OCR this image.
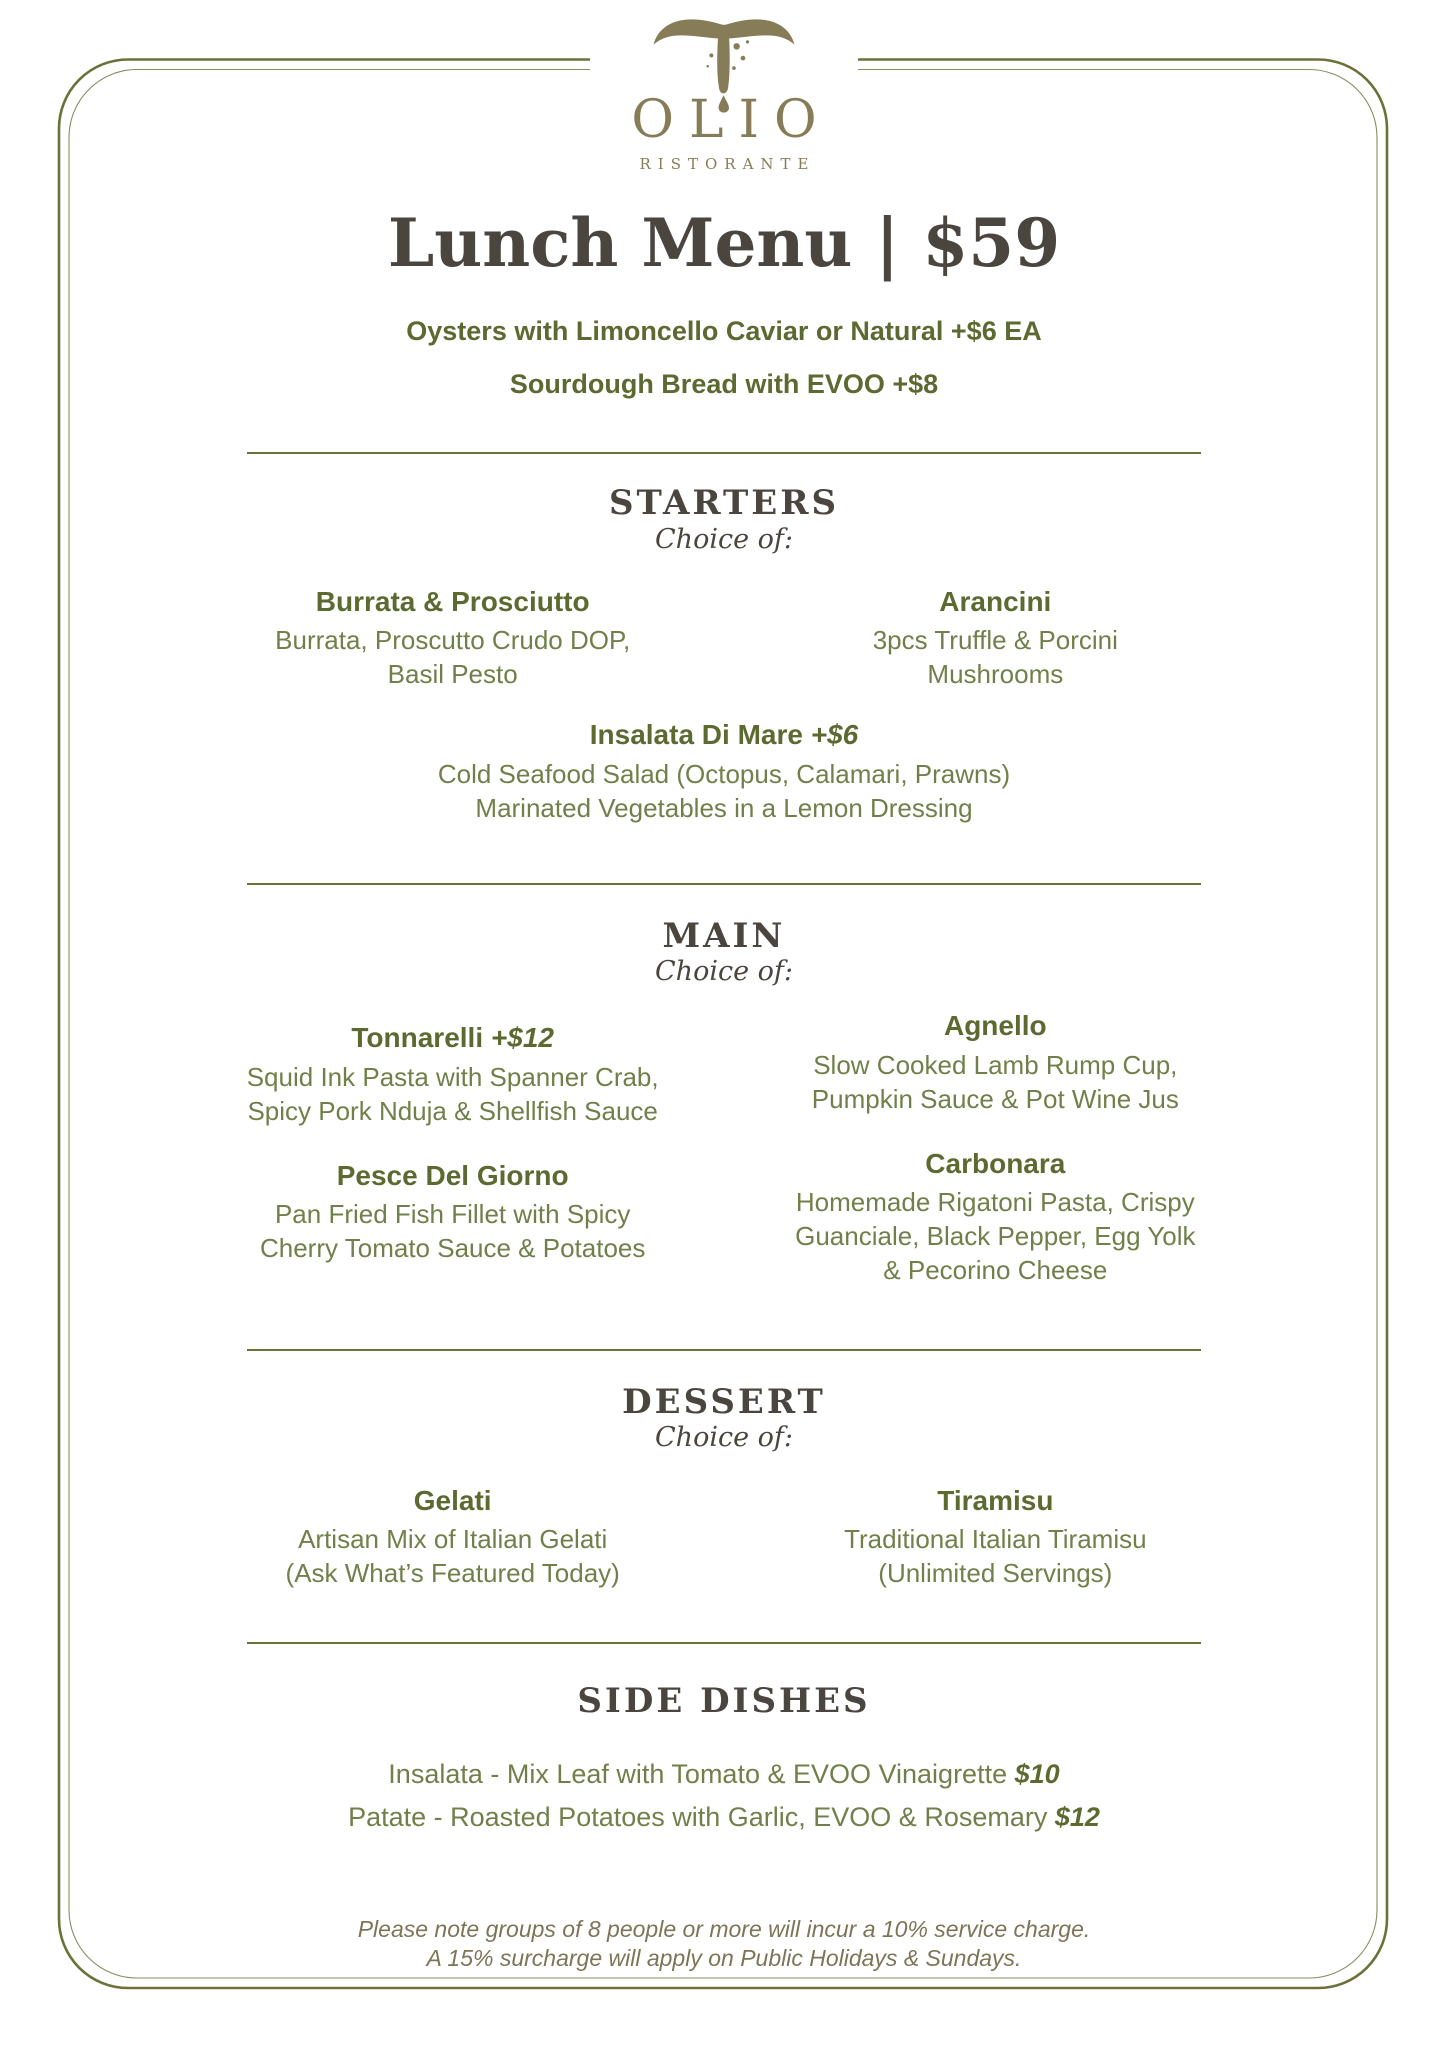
OLIO
RISTORANTE
Lunch Menu | $59
Oysters with Limoncello Caviar or Natural +$6 EA
Sourdough Bread with EVOO +$8
STARTERS
Choice of:
Burrata & Prosciutto
Burrata, Proscutto Crudo DOP,
Basil Pesto
Arancini
3pcs Truffle & Porcini
Mushrooms
Insalata Di Mare +$6
Cold Seafood Salad (Octopus, Calamari, Prawns)
Marinated Vegetables in a Lemon Dressing
MAIN
Choice of:
Tonnarelli +$12
Squid Ink Pasta with Spanner Crab,
Spicy Pork Nduja & Shellfish Sauce
Pesce Del Giorno
Pan Fried Fish Fillet with Spicy
Cherry Tomato Sauce & Potatoes
Agnello
Slow Cooked Lamb Rump Cup,
Pumpkin Sauce & Pot Wine Jus
Carbonara
Homemade Rigatoni Pasta, Crispy
Guanciale, Black Pepper, Egg Yolk
& Pecorino Cheese
DESSERT
Choice of:
Gelati
Artisan Mix of Italian Gelati
(Ask What’s Featured Today)
Tiramisu
Traditional Italian Tiramisu
(Unlimited Servings)
SIDE DISHES
Insalata - Mix Leaf with Tomato & EVOO Vinaigrette $10
Patate - Roasted Potatoes with Garlic, EVOO & Rosemary $12
Please note groups of 8 people or more will incur a 10% service charge.
A 15% surcharge will apply on Public Holidays & Sundays.
